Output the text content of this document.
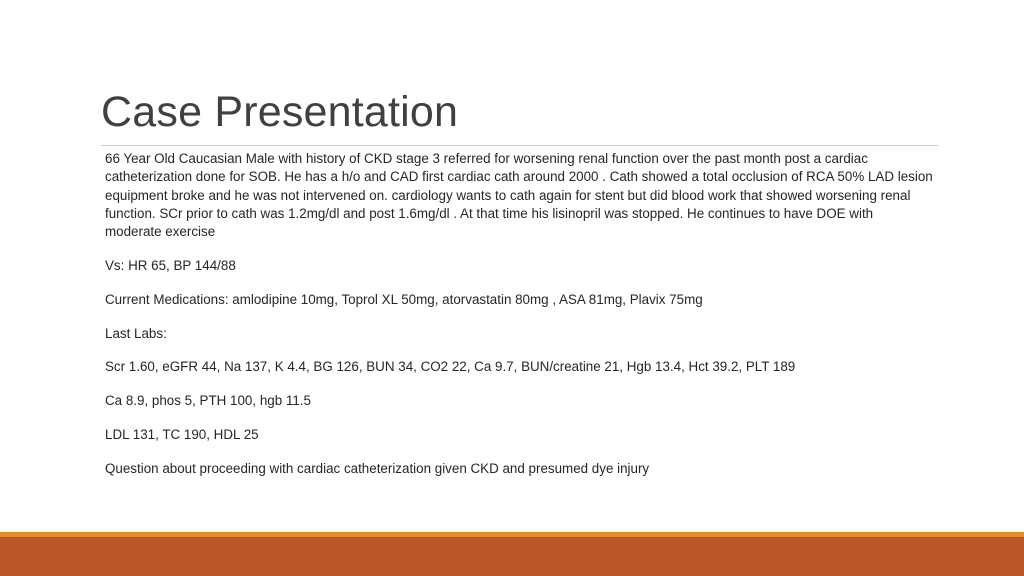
Case Presentation

66 Year Old Caucasian Male with history of CKD stage 3 referred for worsening renal function over the past month post a cardiac catheterization done for SOB. He has a h/o and CAD first cardiac cath around 2000 . Cath showed a total occlusion of RCA 50% LAD lesion equipment broke and he was not intervened on. cardiology wants to cath again for stent but did blood work that showed worsening renal function. SCr prior to cath was 1.2mg/dl and post 1.6mg/dl . At that time his lisinopril was stopped. He continues to have DOE with moderate exercise

Vs: HR 65, BP 144/88

Current Medications: amlodipine 10mg, Toprol XL 50mg, atorvastatin 80mg , ASA 81mg, Plavix 75mg

Last Labs:

Scr 1.60, eGFR 44, Na 137, K 4.4, BG 126, BUN 34, CO2 22, Ca 9.7, BUN/creatine 21, Hgb 13.4, Hct 39.2, PLT 189

Ca 8.9, phos 5, PTH 100, hgb 11.5

LDL 131, TC 190, HDL 25

Question about proceeding with cardiac catheterization given CKD and presumed dye injury
